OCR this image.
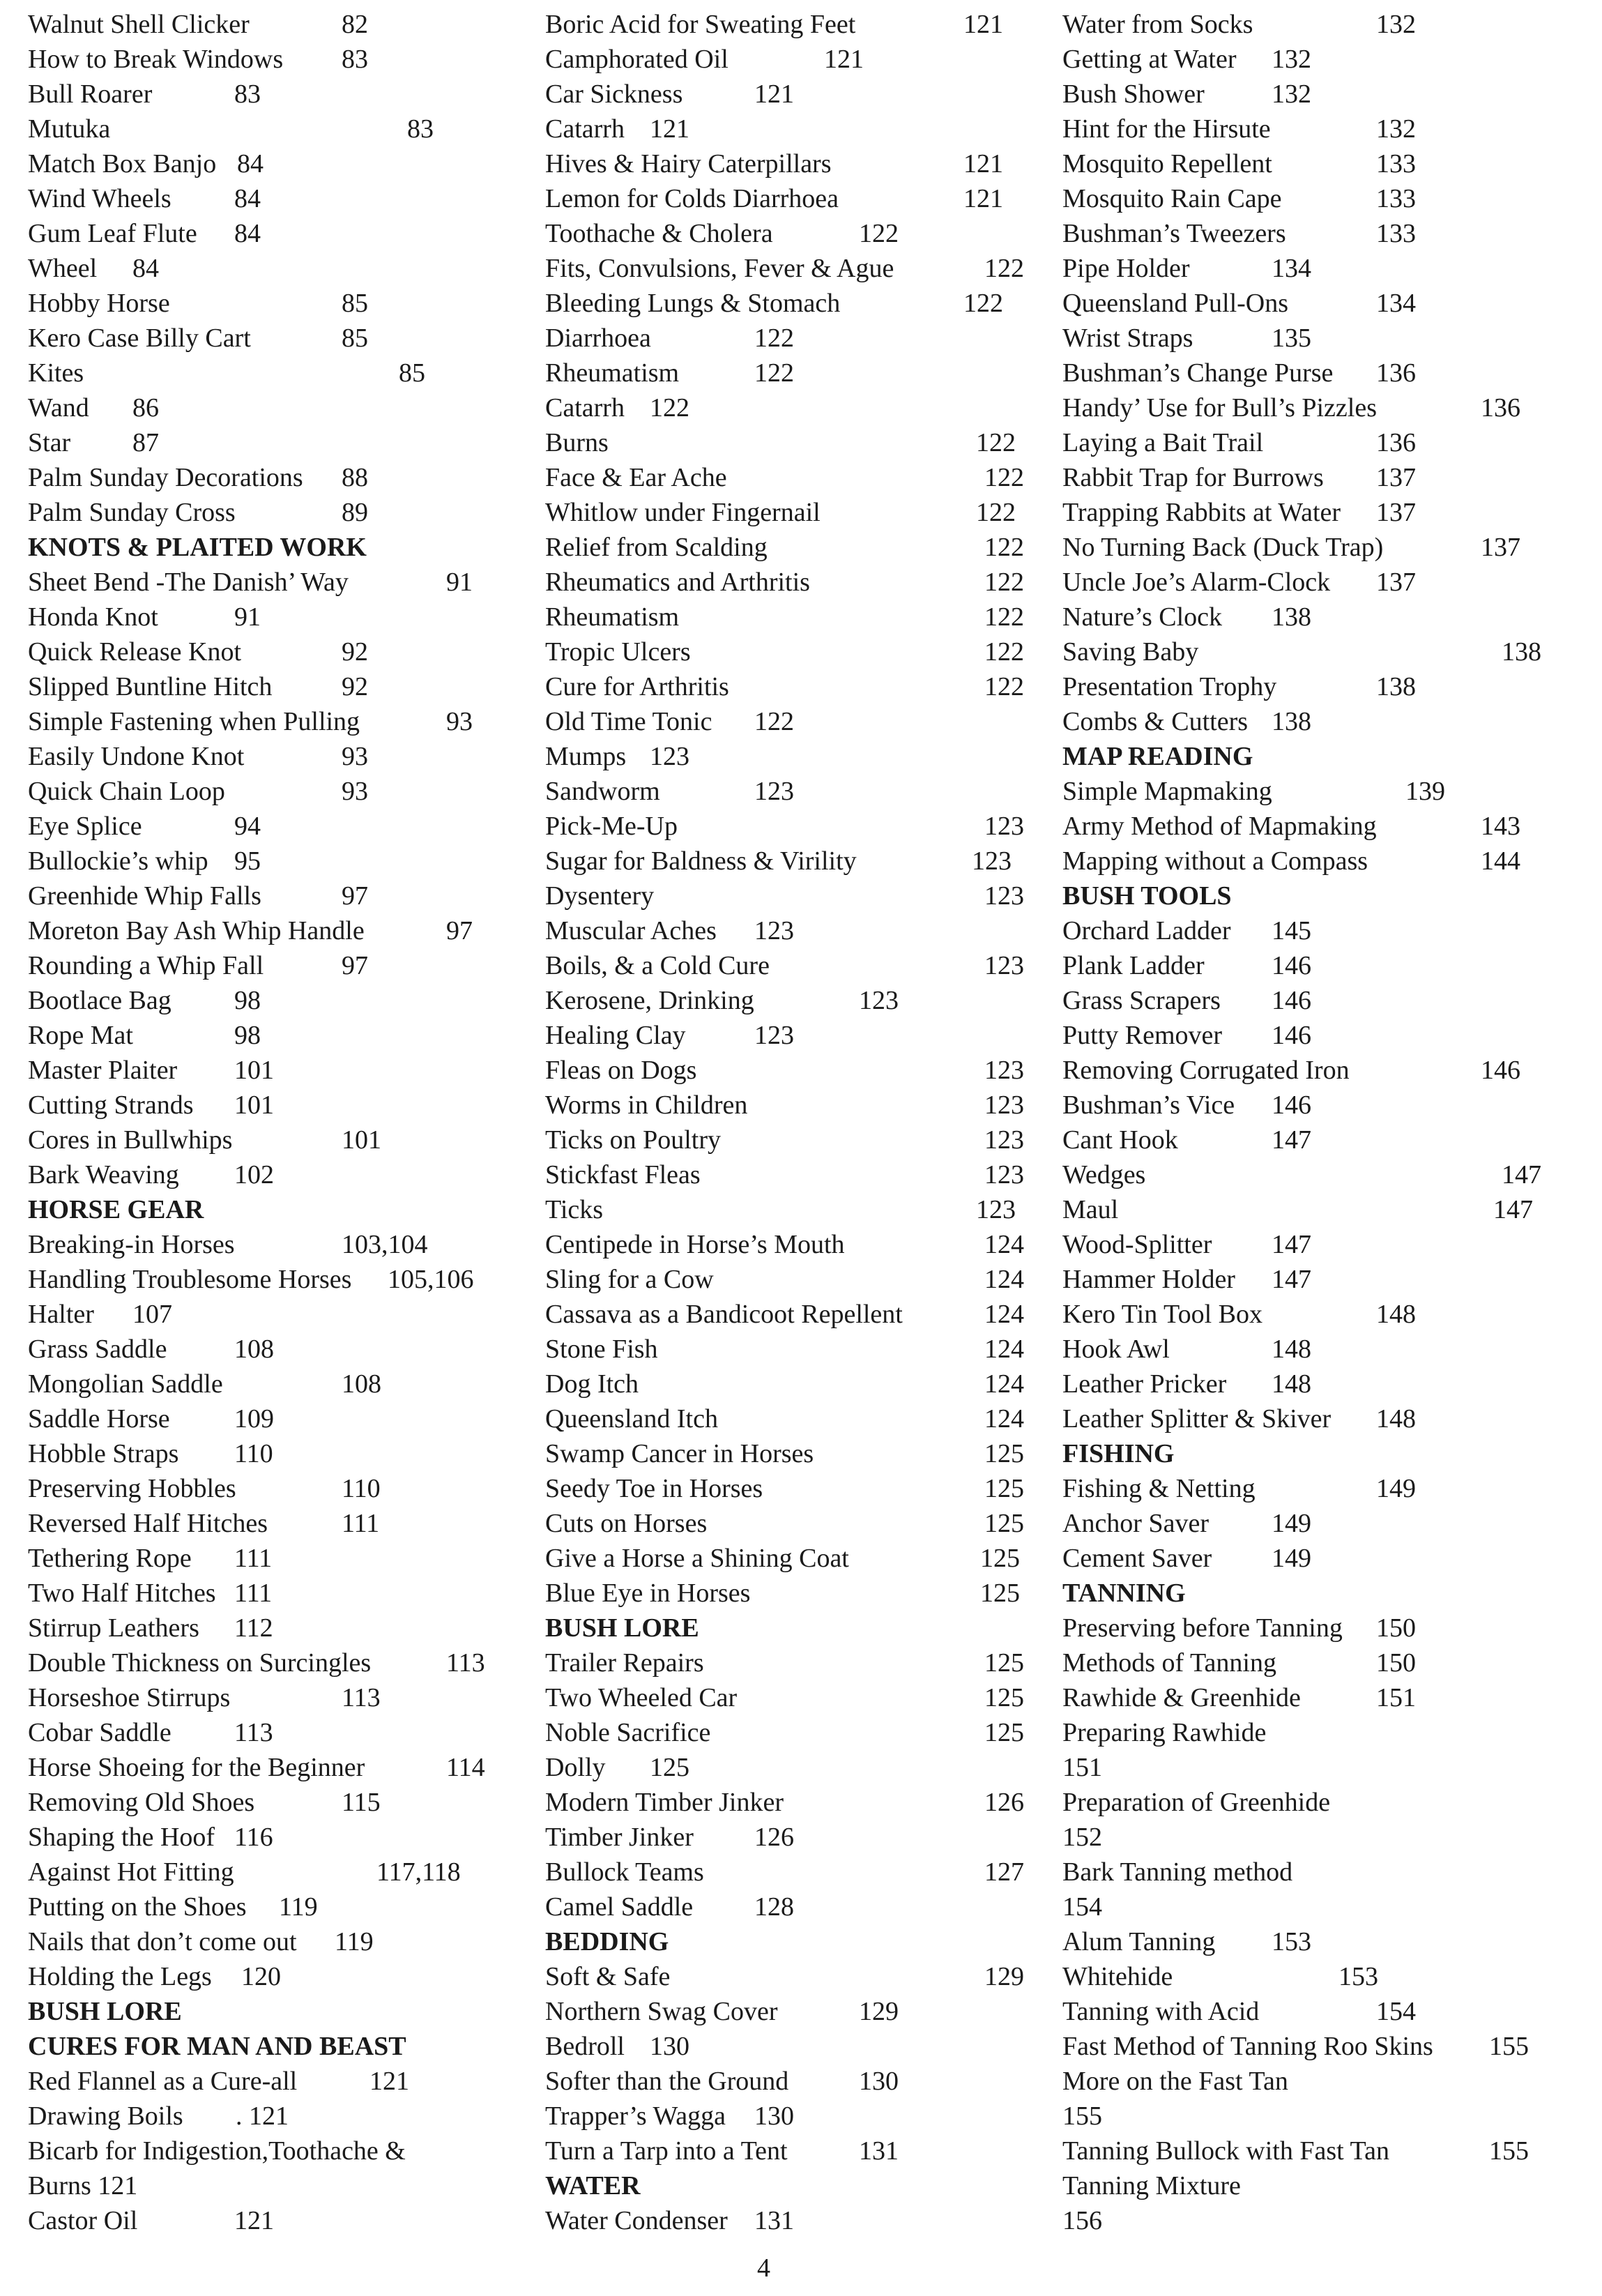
Walnut Shell Clicker	82
How to Break Windows 83
Bull Roarer	83
Mutuka	83
Match Box Banjo 84
Wind Wheels 84
Gum Leaf Flute 84
Wheel 84
Hobby Horse	85
Kero Case Billy Cart	85
Kites	85
Wand 86
Star 87
Palm Sunday Decorations 88
Palm Sunday Cross	89
KNOTS & PLAITED WORK
Sheet Bend -The Danish’ Way	91
Honda Knot	91
Quick Release Knot	92
Slipped Buntline Hitch	92
Simple Fastening when Pulling	93
Easily Undone Knot	93
Quick Chain Loop	93
Eye Splice	94
Bullockie’s whip 95
Greenhide Whip Falls	97
Moreton Bay Ash Whip Handle	97
Rounding a Whip Fall	97
Bootlace Bag 98
Rope Mat	98
Master Plaiter 101
Cutting Strands 101
Cores in Bullwhips	101
Bark Weaving 102
HORSE GEAR
Breaking-in Horses	103,104
Handling Troublesome Horses 105,106
Halter 107
Grass Saddle	108
Mongolian Saddle	108
Saddle Horse 109
Hobble Straps 110
Preserving Hobbles	110
Reversed Half Hitches	111
Tethering Rope 111
Two Half Hitches 111
Stirrup Leathers 112
Double Thickness on Surcingles	113
Horseshoe Stirrups	113
Cobar Saddle 113
Horse Shoeing for the Beginner	114
Removing Old Shoes	115
Shaping the Hoof 116
Against Hot Fitting	117,118
Putting on the Shoes 119
Nails that don’t come out 119
Holding the Legs 120
BUSH LORE
CURES FOR MAN AND BEAST
Red Flannel as a Cure-all	121
Drawing Boils . 121
Bicarb for Indigestion,Toothache & Burns 121
Castor Oil	121
Boric Acid for Sweating Feet	121
Camphorated Oil	121
Car Sickness	121
Catarrh 121
Hives & Hairy Caterpillars	121
Lemon for Colds Diarrhoea	121
Toothache & Cholera	122
Fits, Convulsions, Fever & Ague	122
Bleeding Lungs & Stomach	122
Diarrhoea	122
Rheumatism	122
Catarrh 122
Burns	122
Face & Ear Ache	122
Whitlow under Fingernail	122
Relief from Scalding	122
Rheumatics and Arthritis	122
Rheumatism	122
Tropic Ulcers	122
Cure for Arthritis	122
Old Time Tonic 122
Mumps 123
Sandworm	123
Pick-Me-Up	123
Sugar for Baldness & Virility	123
Dysentery	123
Muscular Aches 123
Boils, & a Cold Cure	123
Kerosene, Drinking	123
Healing Clay	123
Fleas on Dogs	123
Worms in Children	123
Ticks on Poultry	123
Stickfast Fleas	123
Ticks	123
Centipede in Horse’s Mouth	124
Sling for a Cow	124
Cassava as a Bandicoot Repellent	124
Stone Fish	124
Dog Itch	124
Queensland Itch	124
Swamp Cancer in Horses	125
Seedy Toe in Horses	125
Cuts on Horses	125
Give a Horse a Shining Coat	125
Blue Eye in Horses	125
BUSH LORE
Trailer Repairs	125
Two Wheeled Car	125
Noble Sacrifice	125
Dolly 125
Modern Timber Jinker	126
Timber Jinker 126
Bullock Teams	127
Camel Saddle 128
BEDDING
Soft & Safe	129
Northern Swag Cover	129
Bedroll 130
Softer than the Ground	130
Trapper’s Wagga 130
Turn a Tarp into a Tent	131
WATER
Water Condenser 131
Water from Socks	132
Getting at Water 132
Bush Shower	132
Hint for the Hirsute	132
Mosquito Repellent	133
Mosquito Rain Cape	133
Bushman’s Tweezers	133
Pipe Holder	134
Queensland Pull-Ons	134
Wrist Straps	135
Bushman’s Change Purse 136
Handy’ Use for Bull’s Pizzles	136
Laying a Bait Trail	136
Rabbit Trap for Burrows 137
Trapping Rabbits at Water 137
No Turning Back (Duck Trap)	137
Uncle Joe’s Alarm-Clock 137
Nature’s Clock 138
Saving Baby	138
Presentation Trophy	138
Combs & Cutters 138
MAP READING
Simple Mapmaking	139
Army Method of Mapmaking	143
Mapping without a Compass	144
BUSH TOOLS
Orchard Ladder 145
Plank Ladder	146
Grass Scrapers 146
Putty Remover 146
Removing Corrugated Iron	146
Bushman’s Vice 146
Cant Hook	147
Wedges	147
Maul	147
Wood-Splitter 147
Hammer Holder 147
Kero Tin Tool Box	148
Hook Awl	148
Leather Pricker 148
Leather Splitter & Skiver 148
FISHING
Fishing & Netting	149
Anchor Saver 149
Cement Saver 149
TANNING
Preserving before Tanning 150
Methods of Tanning	150
Rawhide & Greenhide	151
Preparing Rawhide
151
Preparation of Greenhide
152
Bark Tanning method
154
Alum Tanning 153
Whitehide	153
Tanning with Acid	154
Fast Method of Tanning Roo Skins 155
More on the Fast Tan
155
Tanning Bullock with Fast Tan	155
Tanning Mixture
156
4
